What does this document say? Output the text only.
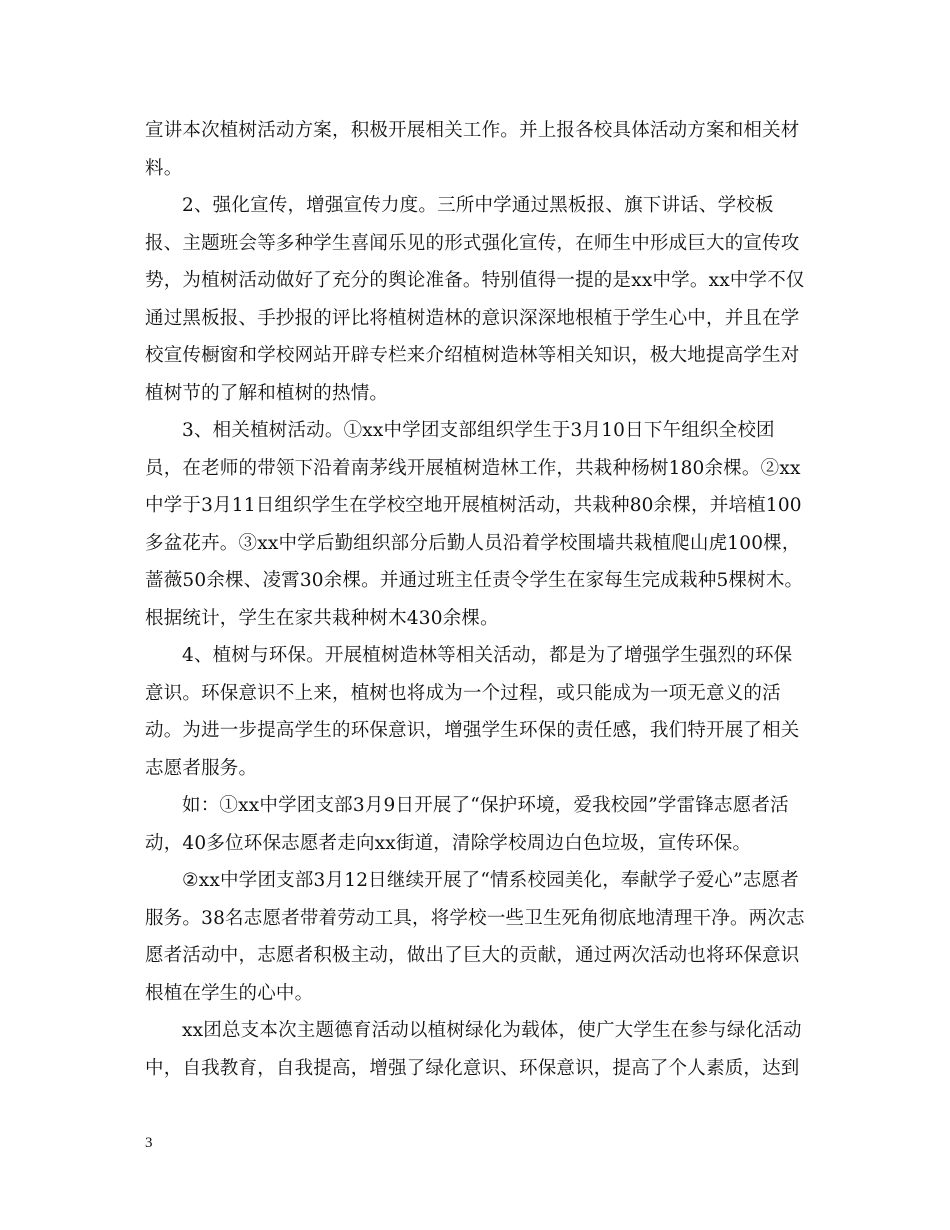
宣讲本次植树活动方案，积极开展相关工作。并上报各校具体活动方案和相关材料。

2、强化宣传，增强宣传力度。三所中学通过黑板报、旗下讲话、学校板报、主题班会等多种学生喜闻乐见的形式强化宣传，在师生中形成巨大的宣传攻势，为植树活动做好了充分的舆论准备。特别值得一提的是xx中学。xx中学不仅通过黑板报、手抄报的评比将植树造林的意识深深地根植于学生心中，并且在学校宣传橱窗和学校网站开辟专栏来介绍植树造林等相关知识，极大地提高学生对植树节的了解和植树的热情。

3、相关植树活动。①xx中学团支部组织学生于3月10日下午组织全校团员，在老师的带领下沿着南茅线开展植树造林工作，共栽种杨树180余棵。②xx中学于3月11日组织学生在学校空地开展植树活动，共栽种80余棵，并培植100多盆花卉。③xx中学后勤组织部分后勤人员沿着学校围墙共栽植爬山虎100棵，蔷薇50余棵、凌霄30余棵。并通过班主任责令学生在家每生完成栽种5棵树木。根据统计，学生在家共栽种树木430余棵。

4、植树与环保。开展植树造林等相关活动，都是为了增强学生强烈的环保意识。环保意识不上来，植树也将成为一个过程，或只能成为一项无意义的活动。为进一步提高学生的环保意识，增强学生环保的责任感，我们特开展了相关志愿者服务。

如：①xx中学团支部3月9日开展了“保护环境，爱我校园”学雷锋志愿者活动，40多位环保志愿者走向xx街道，清除学校周边白色垃圾，宣传环保。

②xx中学团支部3月12日继续开展了“情系校园美化，奉献学子爱心”志愿者服务。38名志愿者带着劳动工具，将学校一些卫生死角彻底地清理干净。两次志愿者活动中，志愿者积极主动，做出了巨大的贡献，通过两次活动也将环保意识根植在学生的心中。

xx团总支本次主题德育活动以植树绿化为载体，使广大学生在参与绿化活动中，自我教育，自我提高，增强了绿化意识、环保意识，提高了个人素质，达到

3
